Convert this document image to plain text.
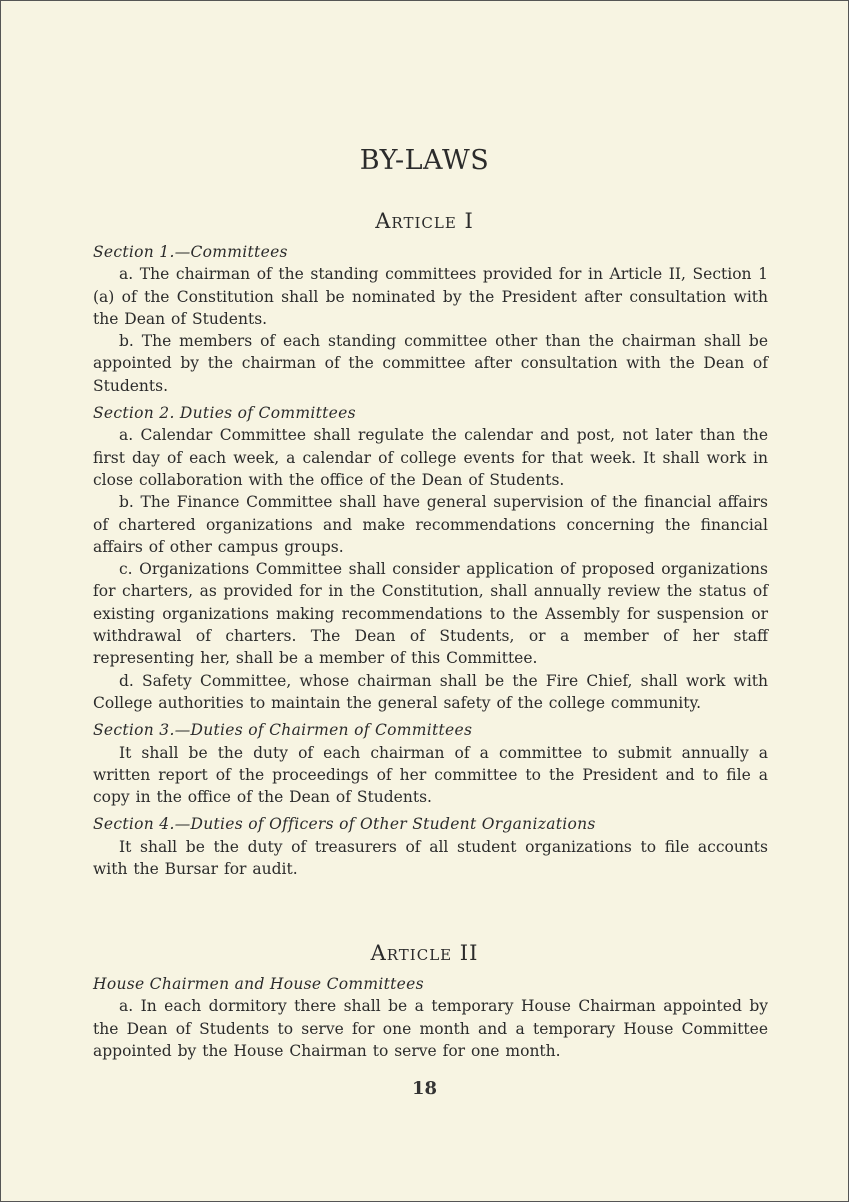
BY-LAWS
Article I

Section 1.—Committees

a. The chairman of the standing committees provided for in Article II, Section 1 (a) of the Constitution shall be nominated by the President after consultation with the Dean of Students.

b. The members of each standing committee other than the chairman shall be appointed by the chairman of the committee after consultation with the Dean of Students.

Section 2. Duties of Committees

a. Calendar Committee shall regulate the calendar and post, not later than the first day of each week, a calendar of college events for that week. It shall work in close collaboration with the office of the Dean of Students.

b. The Finance Committee shall have general supervision of the financial affairs of chartered organizations and make recommendations concerning the financial affairs of other campus groups.

c. Organizations Committee shall consider application of proposed organizations for charters, as provided for in the Constitution, shall annually review the status of existing organizations making recommendations to the Assembly for suspension or withdrawal of charters. The Dean of Students, or a member of her staff representing her, shall be a member of this Committee.

d. Safety Committee, whose chairman shall be the Fire Chief, shall work with College authorities to maintain the general safety of the college community.

Section 3.—Duties of Chairmen of Committees

It shall be the duty of each chairman of a committee to submit annually a written report of the proceedings of her committee to the President and to file a copy in the office of the Dean of Students.

Section 4.—Duties of Officers of Other Student Organizations

It shall be the duty of treasurers of all student organizations to file accounts with the Bursar for audit.

Article II

House Chairmen and House Committees

a. In each dormitory there shall be a temporary House Chairman appointed by the Dean of Students to serve for one month and a temporary House Committee appointed by the House Chairman to serve for one month.

18
